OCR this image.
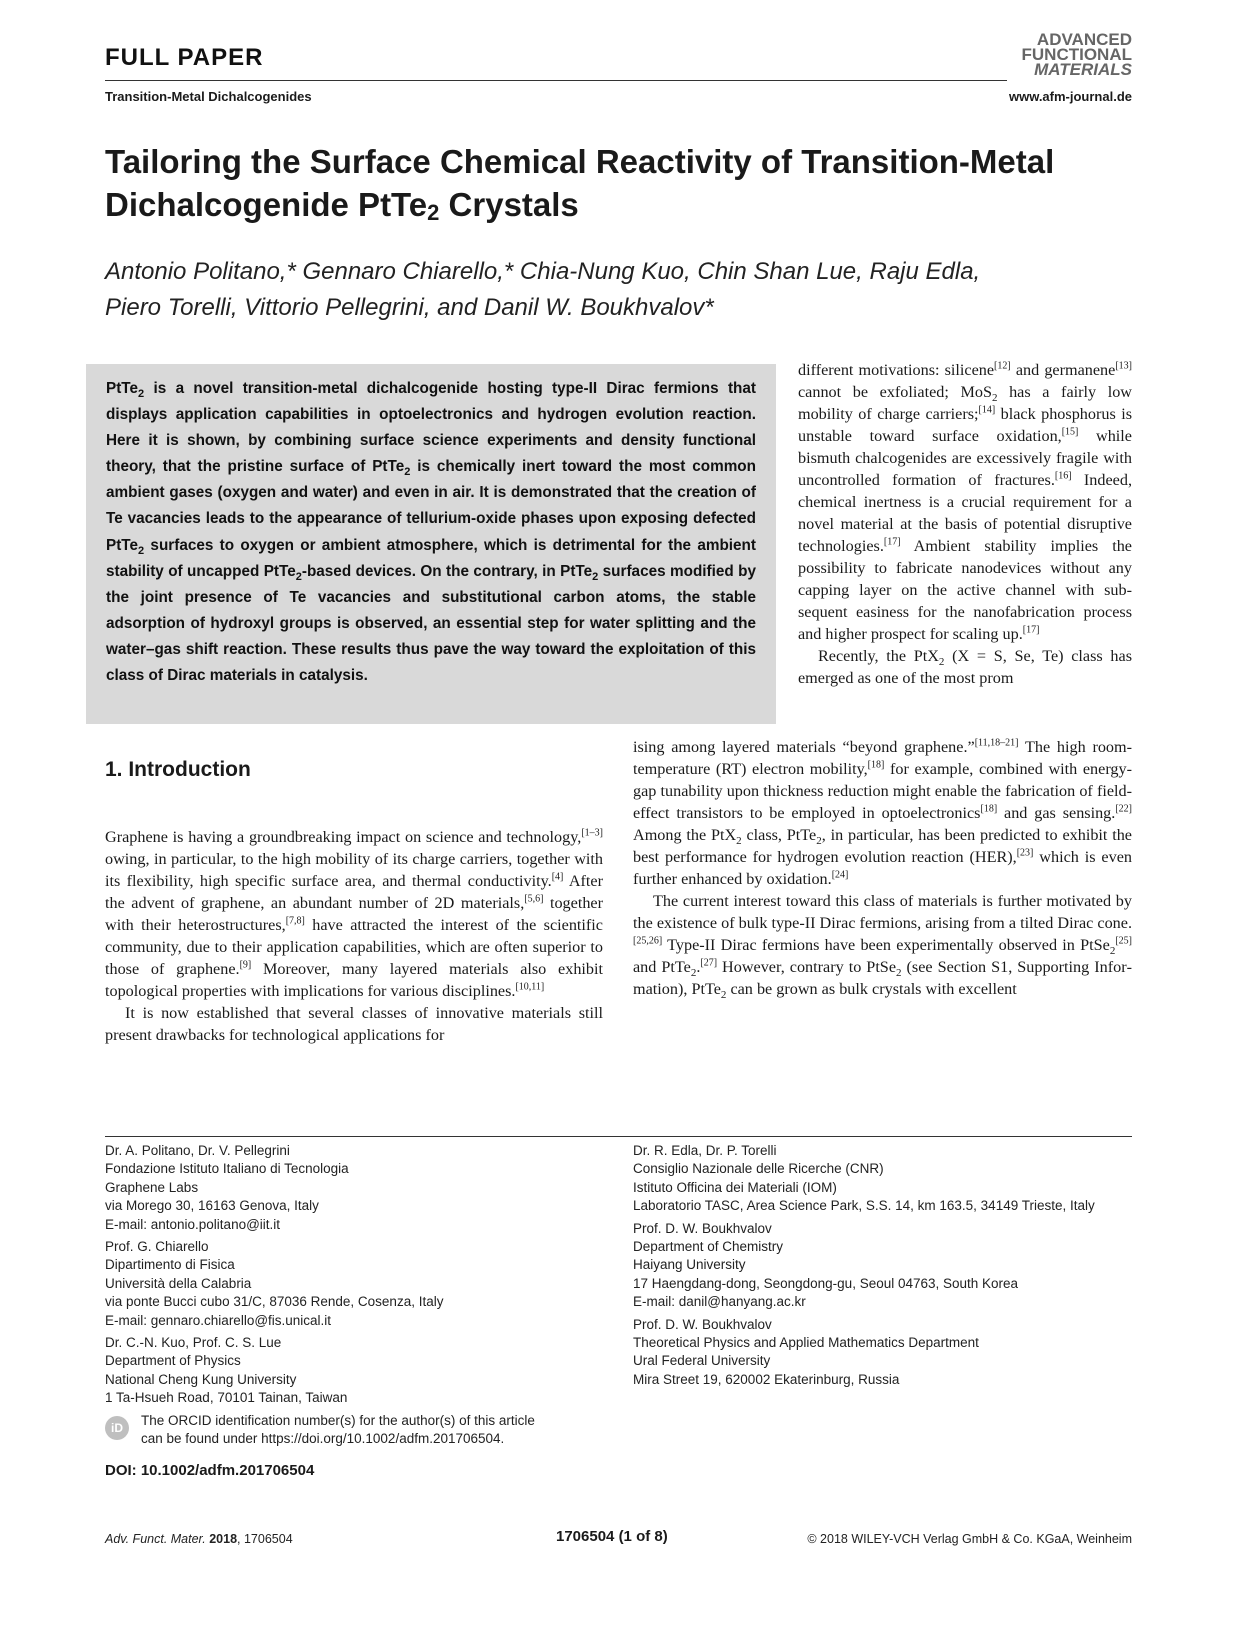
FULL PAPER
ADVANCED
FUNCTIONAL
MATERIALS
Transition-Metal Dichalcogenides	www.afm-journal.de
Tailoring the Surface Chemical Reactivity of Transition-Metal Dichalcogenide PtTe$_2$ Crystals

Antonio Politano,* Gennaro Chiarello,* Chia-Nung Kuo, Chin Shan Lue, Raju Edla,
Piero Torelli, Vittorio Pellegrini, and Danil W. Boukhvalov*

PtTe$_2$ is a novel transition-metal dichalcogenide hosting type-II Dirac fermions that displays application capabilities in optoelectronics and hydrogen evolution reaction. Here it is shown, by combining surface science experiments and density functional theory, that the pristine surface of PtTe$_2$ is chemically inert toward the most common ambient gases (oxygen and water) and even in air. It is demonstrated that the creation of Te vacancies leads to the appearance of tellurium-oxide phases upon exposing defected PtTe$_2$ surfaces to oxygen or ambient atmosphere, which is detrimental for the ambient stability of uncapped PtTe$_2$-based devices. On the contrary, in PtTe$_2$ surfaces modified by the joint presence of Te vacancies and substitutional carbon atoms, the stable adsorption of hydroxyl groups is observed, an essential step for water splitting and the water–gas shift reaction. These results thus pave the way toward the exploitation of this class of Dirac materials in catalysis.

different motivations: silicene[12] and germanene[13] cannot be exfoliated; MoS$_2$ has a fairly low mobility of charge carriers;[14] black phosphorus is unstable toward surface oxidation,[15] while bismuth chalcogenides are excessively fragile with uncontrolled formation of fractures.[16] Indeed, chemical inertness is a crucial requirement for a novel material at the basis of potential disruptive technologies.[17] Ambient stability implies the possibility to fabricate nanodevices without any capping layer on the active channel with subsequent easiness for the nanofabrication process and higher prospect for scaling up.[17]

Recently, the PtX$_2$ (X = S, Se, Te) class has emerged as one of the most prom

1. Introduction

Graphene is having a groundbreaking impact on science and technology,[1–3] owing, in particular, to the high mobility of its charge carriers, together with its flexibility, high specific surface area, and thermal conductivity.[4] After the advent of graphene, an abundant number of 2D materials,[5,6] together with their heterostructures,[7,8] have attracted the interest of the scientific community, due to their application capabilities, which are often superior to those of graphene.[9] Moreover, many layered materials also exhibit topological properties with implications for various disciplines.[10,11]

It is now established that several classes of innovative materials still present drawbacks for technological applications for

ising among layered materials “beyond graphene.”[11,18–21] The high room-temperature (RT) electron mobility,[18] for example, combined with energy-gap tunability upon thickness reduction might enable the fabrication of field-effect transistors to be employed in optoelectronics[18] and gas sensing.[22] Among the PtX$_2$ class, PtTe$_2$, in particular, has been predicted to exhibit the best performance for hydrogen evolution reaction (HER),[23] which is even further enhanced by oxidation.[24]

The current interest toward this class of materials is further motivated by the existence of bulk type-II Dirac fermions, arising from a tilted Dirac cone.[25,26] Type-II Dirac fermions have been experimentally observed in PtSe$_2$[25] and PtTe$_2$.[27] However, contrary to PtSe$_2$ (see Section S1, Supporting Information), PtTe$_2$ can be grown as bulk crystals with excellent

Dr. A. Politano, Dr. V. Pellegrini
Fondazione Istituto Italiano di Tecnologia
Graphene Labs
via Morego 30, 16163 Genova, Italy
E-mail: antonio.politano@iit.it
Prof. G. Chiarello
Dipartimento di Fisica
Università della Calabria
via ponte Bucci cubo 31/C, 87036 Rende, Cosenza, Italy
E-mail: gennaro.chiarello@fis.unical.it
Dr. C.-N. Kuo, Prof. C. S. Lue
Department of Physics
National Cheng Kung University
1 Ta-Hsueh Road, 70101 Tainan, Taiwan
Dr. R. Edla, Dr. P. Torelli
Consiglio Nazionale delle Ricerche (CNR)
Istituto Officina dei Materiali (IOM)
Laboratorio TASC, Area Science Park, S.S. 14, km 163.5, 34149 Trieste, Italy
Prof. D. W. Boukhvalov
Department of Chemistry
Haiyang University
17 Haengdang-dong, Seongdong-gu, Seoul 04763, South Korea
E-mail: danil@hanyang.ac.kr
Prof. D. W. Boukhvalov
Theoretical Physics and Applied Mathematics Department
Ural Federal University
Mira Street 19, 620002 Ekaterinburg, Russia
iD	The ORCID identification number(s) for the author(s) of this article
can be found under https://doi.org/10.1002/adfm.201706504.
DOI: 10.1002/adfm.201706504
Adv. Funct. Mater. 2018, 1706504	1706504 (1 of 8)	© 2018 WILEY-VCH Verlag GmbH & Co. KGaA, Weinheim
